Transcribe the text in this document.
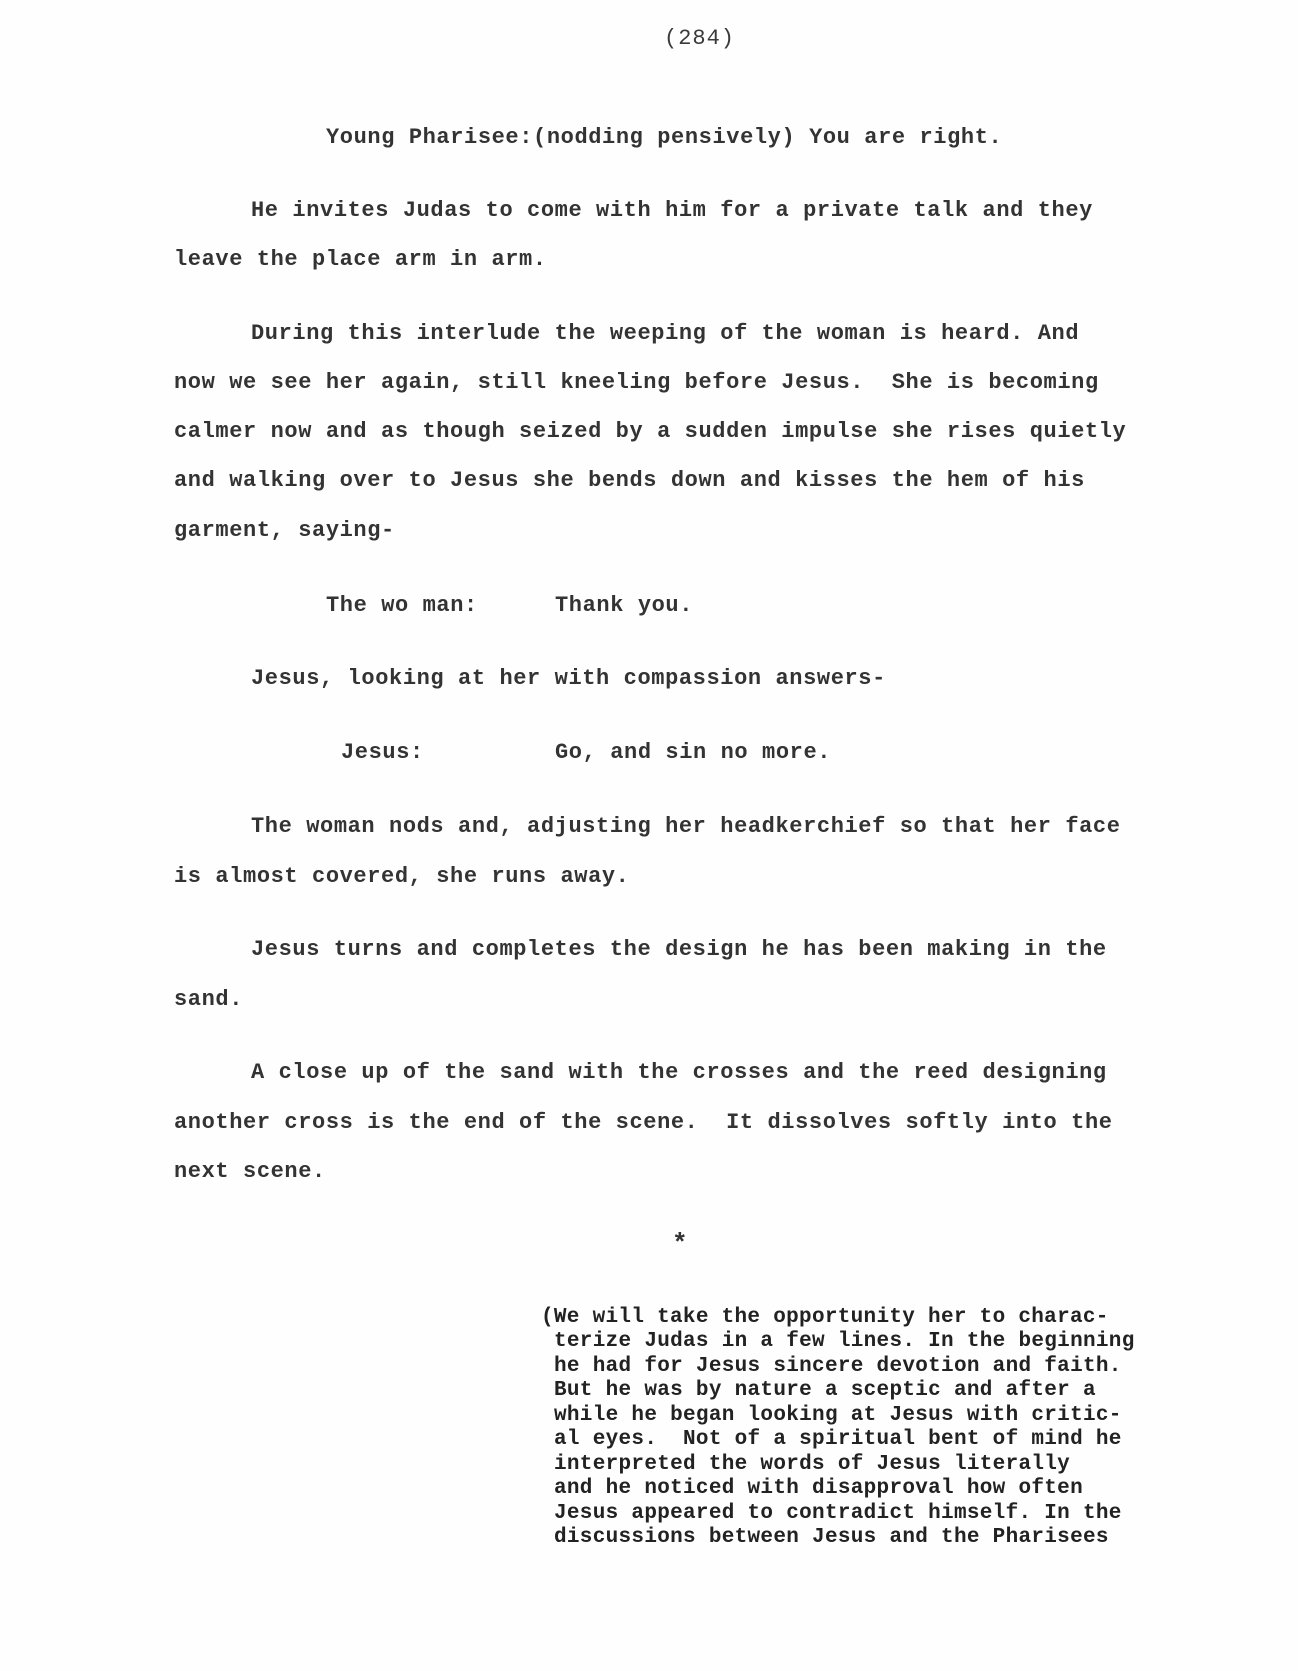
(284)
Young Pharisee:(nodding pensively) You are right.
He invites Judas to come with him for a private talk and they
leave the place arm in arm.
During this interlude the weeping of the woman is heard. And
now we see her again, still kneeling before Jesus.  She is becoming
calmer now and as though seized by a sudden impulse she rises quietly
and walking over to Jesus she bends down and kisses the hem of his
garment, saying-
The wo man:	Thank you.
Jesus, looking at her with compassion answers-
Jesus:	Go, and sin no more.
The woman nods and, adjusting her headkerchief so that her face
is almost covered, she runs away.
Jesus turns and completes the design he has been making in the
sand.
A close up of the sand with the crosses and the reed designing
another cross is the end of the scene.  It dissolves softly into the
next scene.
*
(We will take the opportunity her to charac-
terize Judas in a few lines. In the beginning
he had for Jesus sincere devotion and faith.
But he was by nature a sceptic and after a
while he began looking at Jesus with critic-
al eyes.  Not of a spiritual bent of mind he
interpreted the words of Jesus literally
and he noticed with disapproval how often
Jesus appeared to contradict himself. In the
discussions between Jesus and the Pharisees
